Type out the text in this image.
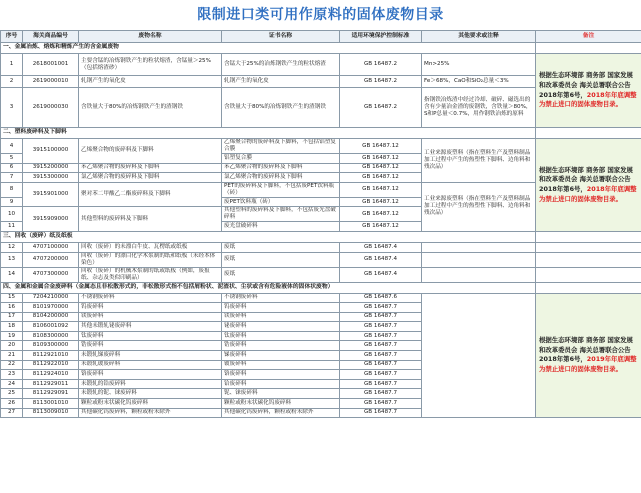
限制进口类可用作原料的固体废物目录
序号	海关商品编号	废物名称	证书名称	适用环境保护控制标准	其他要求或注释	备注
一、金属冶炼、熔炼和精炼产生的含金属废物						
1	2618001001	主要含锰的冶炼钢铁产生的粒状熔渣，含锰量＞25%（包括熔渣砂）	含锰大于25%的冶炼钢铁产生的粒状熔渣	GB 16487.2	Mn>25%	根据生态环境部 商务部 国家发展和改革委员会 海关总署联合公告2018年第6号，2018年年底调整为禁止进口的固体废物目录。
2	2619000010	轧钢产生的氧化皮	轧钢产生的氧化皮	GB 16487.2	Fe＞68%，CaO和SiO₂总量＜3%	
3	2619000030	含铁量大于80%的冶炼钢铁产生的渣钢铁	含铁量大于80%的冶炼钢铁产生的渣钢铁	GB 16487.2	指钢铁冶炼渣中经过冷却、破碎、磁选出的含有少量冶金渣的废钢铁，含铁量＞80%，S和P总量＜0.7%，用作钢铁冶炼的原料	
二、塑料废碎料及下脚料						
4	3915100000	乙烯聚合物的废碎料及下脚料	乙烯聚合物的废碎料及下脚料，不包括铝塑复合膜	GB 16487.12	工业来源废塑料（指在塑料生产及塑料制品加工过程中产生的热塑性下脚料、边角料和残次品）	根据生态环境部 商务部 国家发展和改革委员会 海关总署联合公告2018年第6号，2018年年底调整为禁止进口的固体废物目录。
5			铝塑复合膜	GB 16487.12		
6	3915200000	苯乙烯聚合物的废碎料及下脚料	苯乙烯聚合物的废碎料及下脚料	GB 16487.12		
7	3915300000	氯乙烯聚合物的废碎料及下脚料	氯乙烯聚合物的废碎料及下脚料	GB 16487.12		
8	3915901000	聚对苯二甲酸乙二酯废碎料及下脚料	PET的废碎料及下脚料，不包括废PET饮料瓶（砖）	GB 16487.12	工业来源废塑料（指在塑料生产及塑料制品加工过程中产生的热塑性下脚料、边角料和残次品）	
9			废PET饮料瓶（砖）	GB 16487.12		
10	3915909000	其他塑料的废碎料及下脚料	其他塑料的废碎料及下脚料，不包括废光盘破碎料	GB 16487.12		
11			废光盘破碎料	GB 16487.12		
三、回收（废碎）纸及纸板						
12	4707100000	回收（废碎）的未漂白牛皮、瓦楞纸或纸板	废纸	GB 16487.4		
13	4707200000	回收（废碎）的漂白化学木浆制的纸和纸板（未经本体染色）	废纸	GB 16487.4		
14	4707300000	回收（废碎）的机械木浆制的纸或纸板（例如，废报纸、杂志及类似印刷品）	废纸	GB 16487.4		
四、金属和金属合金废碎料（金属态且非松散形式的，非松散形式指不包括屑粉状、泥渣状、尘状或含有危险液体的固体状废物）						
15	7204210000	不锈钢废碎料	不锈钢废碎料	GB 16487.6		根据生态环境部 商务部 国家发展和改革委员会 海关总署联合公告2018年第6号，2019年年底调整为禁止进口的固体废物目录。
16	8101970000	钨废碎料	钨废碎料	GB 16487.7		
17	8104200000	镁废碎料	镁废碎料	GB 16487.7		
18	8106001092	其他未锻轧铋废碎料	铋废碎料	GB 16487.7		
19	8108300000	钛废碎料	钛废碎料	GB 16487.7		
20	8109300000	锆废碎料	锆废碎料	GB 16487.7		
21	8112921010	未锻轧锑废碎料	锑废碎料	GB 16487.7		
22	8112922010	未锻轧铍废碎料	铍废碎料	GB 16487.7		
23	8112924010	铬废碎料	铬废碎料	GB 16487.7		
24	8112929011	未锻轧的铪废碎料	铪废碎料	GB 16487.7		
25	8112929091	未锻轧的铌、铼废碎料	铌、铼废碎料	GB 16487.7		
26	8113001010	颗粒或粉末状碳化钨废碎料	颗粒或粉末状碳化钨废碎料	GB 16487.7		
27	8113009010	其他碳化钨废碎料，颗粒或粉末除外	其他碳化钨废碎料，颗粒或粉末除外	GB 16487.7		
